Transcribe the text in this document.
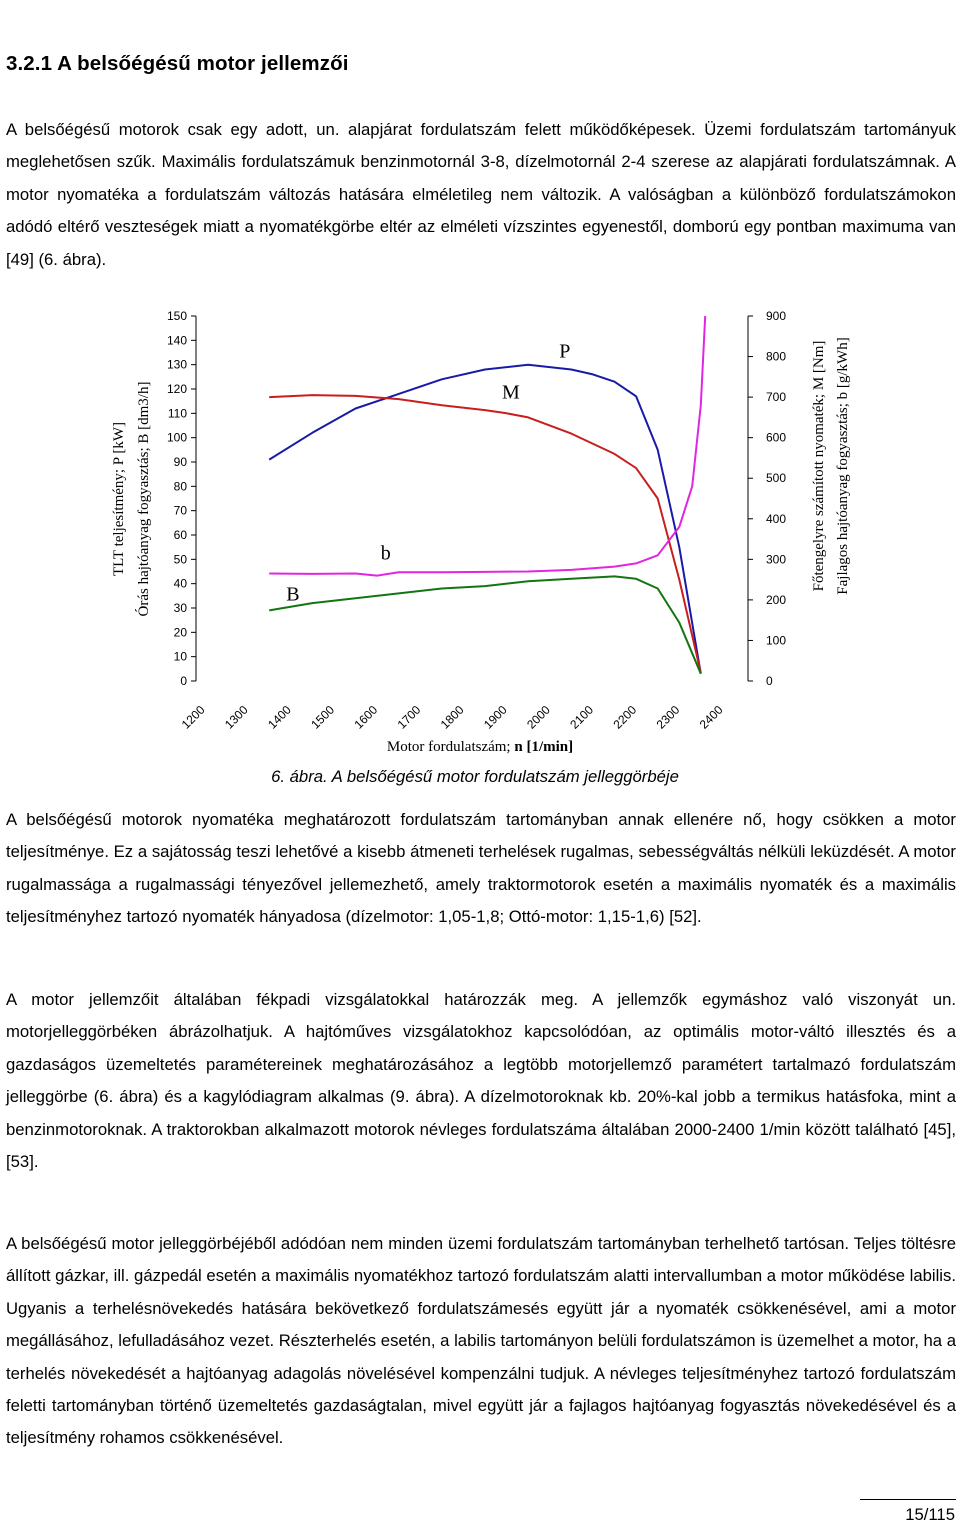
3.2.1 A belsőégésű motor jellemzői

A belsőégésű motorok csak egy adott, un. alapjárat fordulatszám felett működőképesek. Üzemi fordulatszám tartományuk meglehetősen szűk. Maximális fordulatszámuk benzinmotornál 3-8, dízelmotornál 2-4 szerese az alapjárati fordulatszámnak. A motor nyomatéka a fordulatszám változás hatására elméletileg nem változik. A valóságban a különböző fordulatszámokon adódó eltérő veszteségek miatt a nyomatékgörbe eltér az elméleti vízszintes egyenestől, domború egy pontban maximuma van [49] (6. ábra).

0
10
20
30
40
50
60
70
80
90
100
110
120
130
140
150
0
100
200
300
400
500
600
700
800
900
1200 1300 1400 1500 1600 1700 1800 1900 2000 2100 2200 2300 2400
Motor fordulatszám; n [1/min]
TLT teljesítmény; P [kW] Órás hajtóanyag fogyasztás; B [dm3/h]	Főtengelyre számított nyomaték; M [Nm] Fajlagos hajtóanyag fogyasztás; b [g/kWh]
P
M
b
B
6. ábra. A belsőégésű motor fordulatszám jelleggörbéje

A belsőégésű motorok nyomatéka meghatározott fordulatszám tartományban annak ellenére nő, hogy csökken a motor teljesítménye. Ez a sajátosság teszi lehetővé a kisebb átmeneti terhelések rugalmas, sebességváltás nélküli leküzdését. A motor rugalmassága a rugalmassági tényezővel jellemezhető, amely traktormotorok esetén a maximális nyomaték és a maximális teljesítményhez tartozó nyomaték hányadosa (dízelmotor: 1,05-1,8; Ottó-motor: 1,15-1,6) [52].

A motor jellemzőit általában fékpadi vizsgálatokkal határozzák meg. A jellemzők egymáshoz való viszonyát un. motorjelleggörbéken ábrázolhatjuk. A hajtóműves vizsgálatokhoz kapcsolódóan, az optimális motor-váltó illesztés és a gazdaságos üzemeltetés paramétereinek meghatározásához a legtöbb motorjellemző paramétert tartalmazó fordulatszám jelleggörbe (6. ábra) és a kagylódiagram alkalmas (9. ábra). A dízelmotoroknak kb. 20%-kal jobb a termikus hatásfoka, mint a benzinmotoroknak. A traktorokban alkalmazott motorok névleges fordulatszáma általában 2000-2400 1/min között található [45], [53].

A belsőégésű motor jelleggörbéjéből adódóan nem minden üzemi fordulatszám tartományban terhelhető tartósan. Teljes töltésre állított gázkar, ill. gázpedál esetén a maximális nyomatékhoz tartozó fordulatszám alatti intervallumban a motor működése labilis. Ugyanis a terhelésnövekedés hatására bekövetkező fordulatszámesés együtt jár a nyomaték csökkenésével, ami a motor megállásához, lefulladásához vezet. Részterhelés esetén, a labilis tartományon belüli fordulatszámon is üzemelhet a motor, ha a terhelés növekedését a hajtóanyag adagolás növelésével kompenzálni tudjuk. A névleges teljesítményhez tartozó fordulatszám feletti tartományban történő üzemeltetés gazdaságtalan, mivel együtt jár a fajlagos hajtóanyag fogyasztás növekedésével és a teljesítmény rohamos csökkenésével.

15/115
